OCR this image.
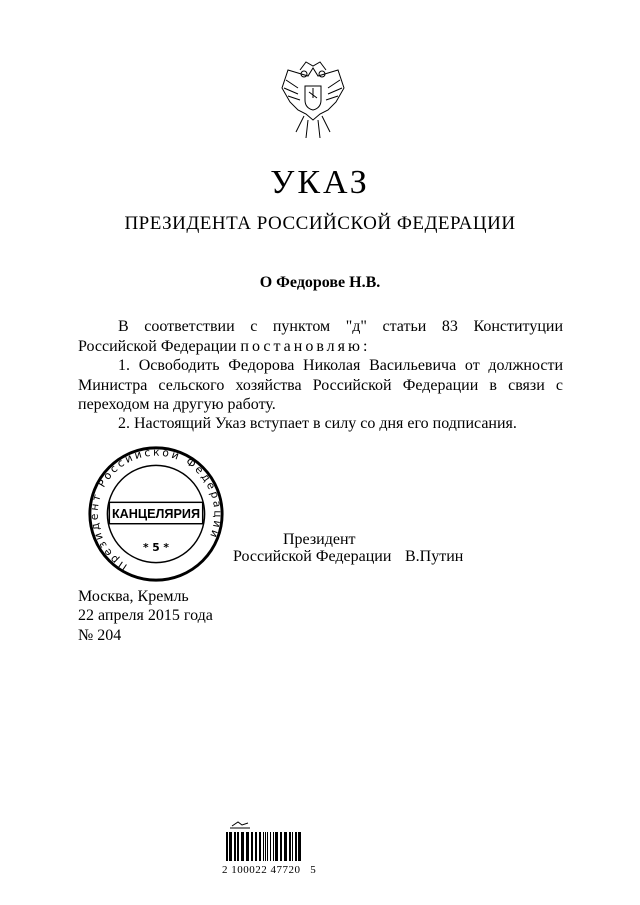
УКАЗ
ПРЕЗИДЕНТА РОССИЙСКОЙ ФЕДЕРАЦИИ
О Федорове Н.В.
В соответствии с пунктом "д" статьи 83 Конституции
Российской Федерации постановляю:
1. Освободить Федорова Николая Васильевича от должности
Министра сельского хозяйства Российской Федерации в связи с
переходом на другую работу.
2. Настоящий Указ вступает в силу со дня его подписания.
Президент
Российской Федерации В.Путин
Президент Российской Федерации
* 5 *
КАНЦЕЛЯРИЯ
Москва, Кремль
22 апреля 2015 года
№ 204
2 100022 47720   5
